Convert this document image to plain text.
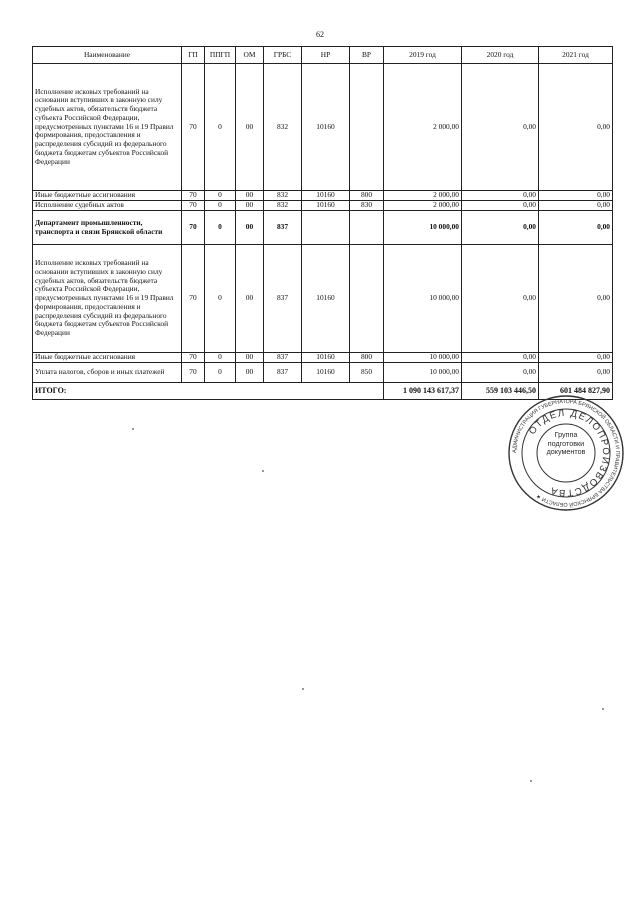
62
Наименование	ГП	ППГП	ОМ	ГРБС	НР	ВР	2019 год	2020 год	2021 год
Исполнение исковых требований на основании вступивших в законную силу судебных актов, обязательств бюджета субъекта Российской Федерации, предусмотренных пунктами 16 и 19 Правил формирования, предоставления и распределения субсидий из федерального бюджета бюджетам субъектов Российской Федерации	70	0	00	832	10160		2 000,00	0,00	0,00
Иные бюджетные ассигнования	70	0	00	832	10160	800	2 000,00	0,00	0,00
Исполнение судебных актов	70	0	00	832	10160	830	2 000,00	0,00	0,00
Департамент промышленности, транспорта и связи Брянской области	70	0	00	837			10 000,00	0,00	0,00
Исполнение исковых требований на основании вступивших в законную силу судебных актов, обязательств бюджета субъекта Российской Федерации, предусмотренных пунктами 16 и 19 Правил формирования, предоставления и распределения субсидий из федерального бюджета бюджетам субъектов Российской Федерации	70	0	00	837	10160		10 000,00	0,00	0,00
Иные бюджетные ассигнования	70	0	00	837	10160	800	10 000,00	0,00	0,00
Уплата налогов, сборов и иных платежей	70	0	00	837	10160	850	10 000,00	0,00	0,00
ИТОГО:							1 090 143 617,37	559 103 446,50	601 484 827,90
АДМИНИСТРАЦИЯ ГУБЕРНАТОРА БРЯНСКОЙ ОБЛАСТИ И ПРАВИТЕЛЬСТВА БРЯНСКОЙ ОБЛАСТИ ★
ОТДЕЛ ДЕЛОПРОИЗВОДСТВА
Группа
подготовки
документов
